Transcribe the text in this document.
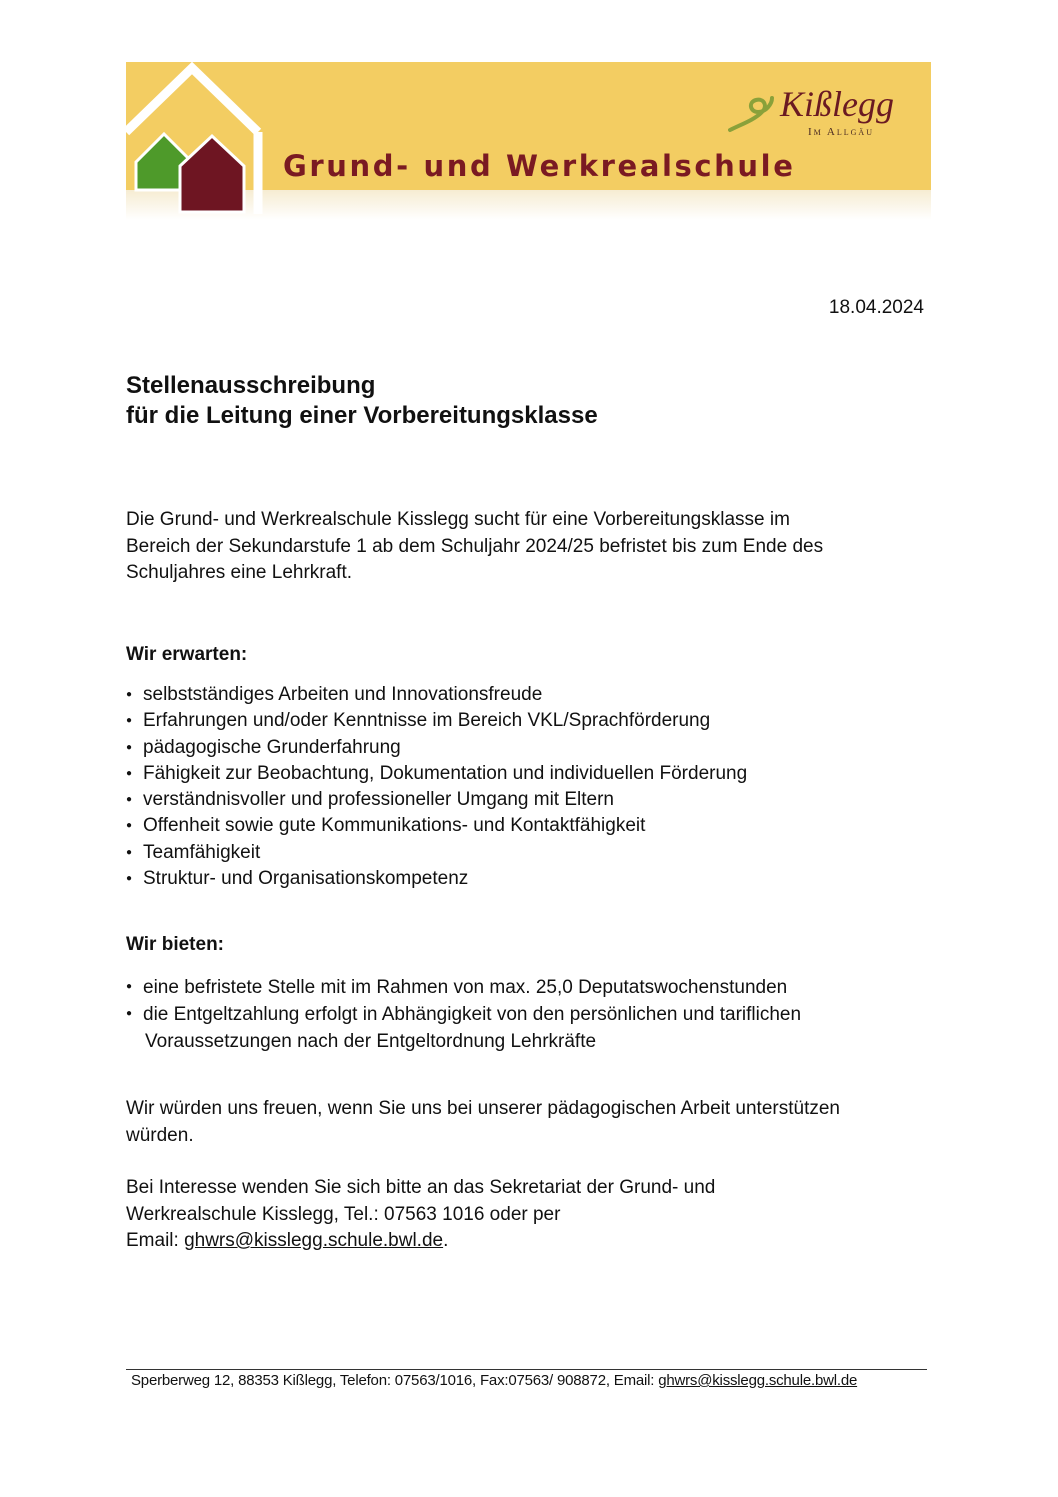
Grund- und Werkrealschule
Kißlegg
Im Allgäu
18.04.2024
Stellenausschreibung
für die Leitung einer Vorbereitungsklasse
Die Grund- und Werkrealschule Kisslegg sucht für eine Vorbereitungsklasse im
Bereich der Sekundarstufe 1 ab dem Schuljahr 2024/25 befristet bis zum Ende des
Schuljahres eine Lehrkraft.
Wir erwarten:
● selbstständiges Arbeiten und Innovationsfreude
● Erfahrungen und/oder Kenntnisse im Bereich VKL/Sprachförderung
● pädagogische Grunderfahrung
● Fähigkeit zur Beobachtung, Dokumentation und individuellen Förderung
● verständnisvoller und professioneller Umgang mit Eltern
● Offenheit sowie gute Kommunikations- und Kontaktfähigkeit
● Teamfähigkeit
● Struktur- und Organisationskompetenz
Wir bieten:
● eine befristete Stelle mit im Rahmen von max. 25,0 Deputatswochenstunden
● die Entgeltzahlung erfolgt in Abhängigkeit von den persönlichen und tariflichen
Voraussetzungen nach der Entgeltordnung Lehrkräfte
Wir würden uns freuen, wenn Sie uns bei unserer pädagogischen Arbeit unterstützen
würden.
Bei Interesse wenden Sie sich bitte an das Sekretariat der Grund- und
Werkrealschule Kisslegg, Tel.: 07563 1016 oder per
Email: ghwrs@kisslegg.schule.bwl.de.
Sperberweg 12, 88353 Kißlegg, Telefon: 07563/1016, Fax:07563/ 908872, Email: ghwrs@kisslegg.schule.bwl.de
